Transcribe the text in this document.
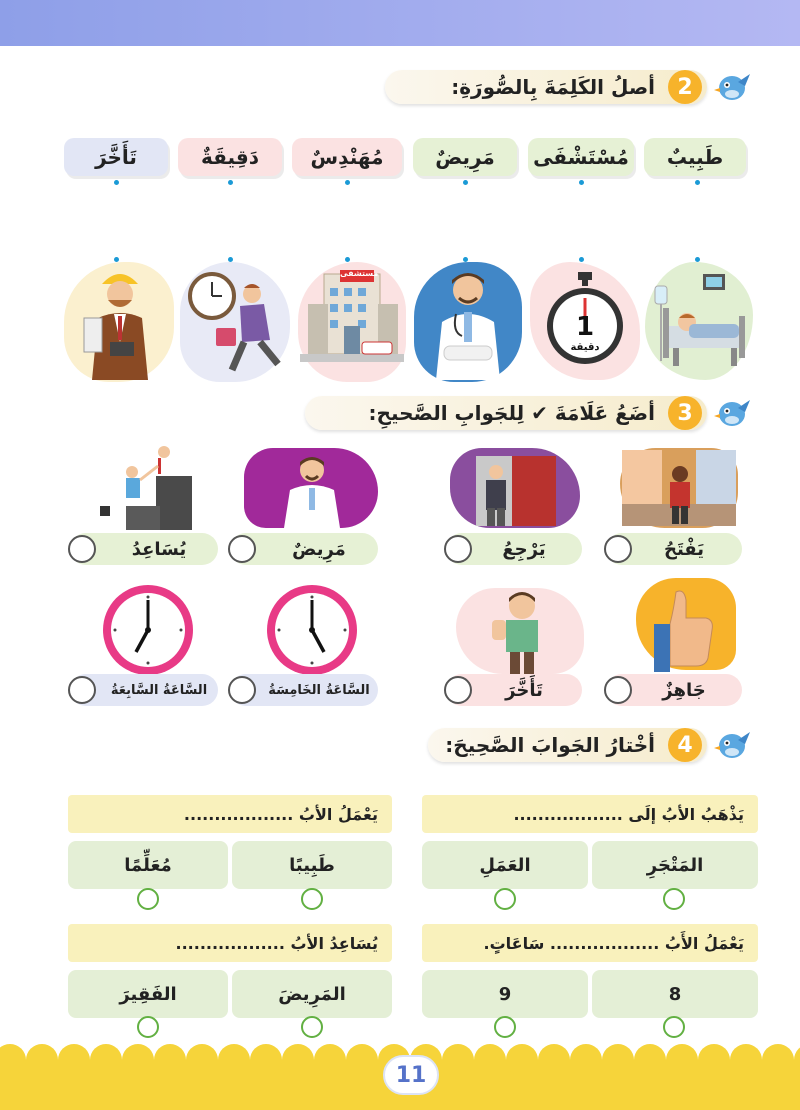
2
أصلُ الكَلِمَةَ بِالصُّورَةِ:
طَبِيبٌ
مُسْتَشْفَى
مَرِيضٌ
مُهَنْدِسٌ
دَقِيقَةٌ
تَأَخَّرَ
1
دقيقة
مستشفى
3
أضَعُ عَلَامَةَ ✔ لِلجَوابِ الصَّحيحِ:
يَفْتَحُ
يَرْجِعُ
مَرِيضٌ
يُسَاعِدُ
جَاهِزٌ
تَأَخَّرَ
السَّاعَةُ الخَامِسَةُ
السَّاعَةُ السَّابِعَةُ
4
أخْتارُ الجَوابَ الصَّحِيحَ:
يَذْهَبُ الأبُ إلَى ..................
المَتْجَرِ
العَمَلِ
يَعْمَلُ الأبُ ..................
طَبِيبًا
مُعَلِّمًا
يَعْمَلُ الأَبُ .................. سَاعَاتٍ.
8
9
يُسَاعِدُ الأبُ ..................
المَرِيضَ
الفَقِيرَ
11
